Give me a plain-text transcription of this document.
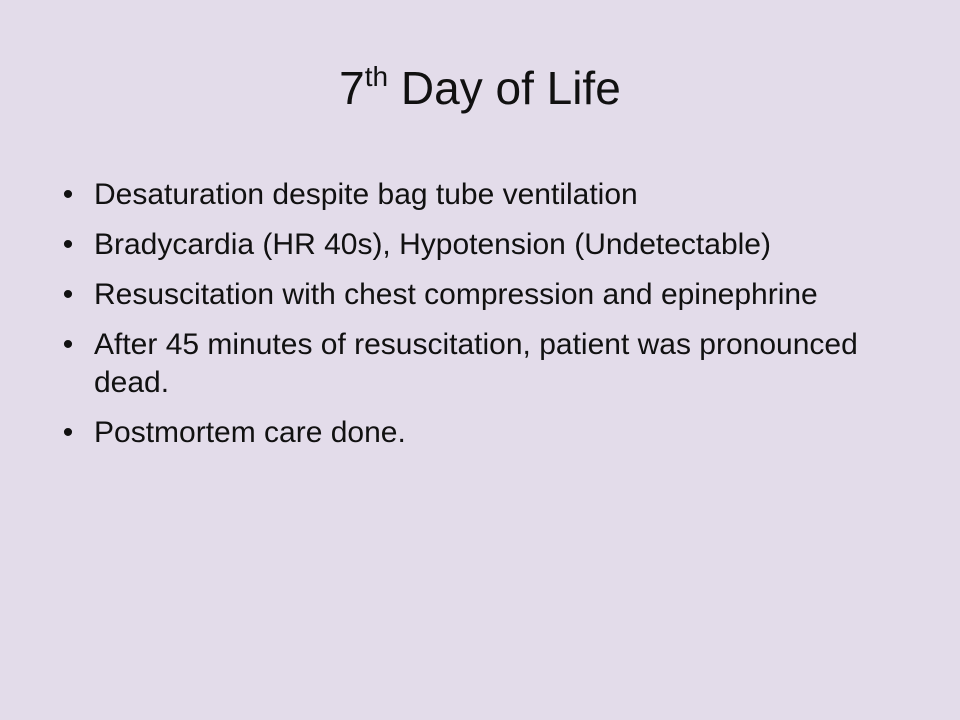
7th Day of Life
• Desaturation despite bag tube ventilation
• Bradycardia (HR 40s), Hypotension (Undetectable)
• Resuscitation with chest compression and epinephrine
• After 45 minutes of resuscitation, patient was pronounced dead.
• Postmortem care done.
